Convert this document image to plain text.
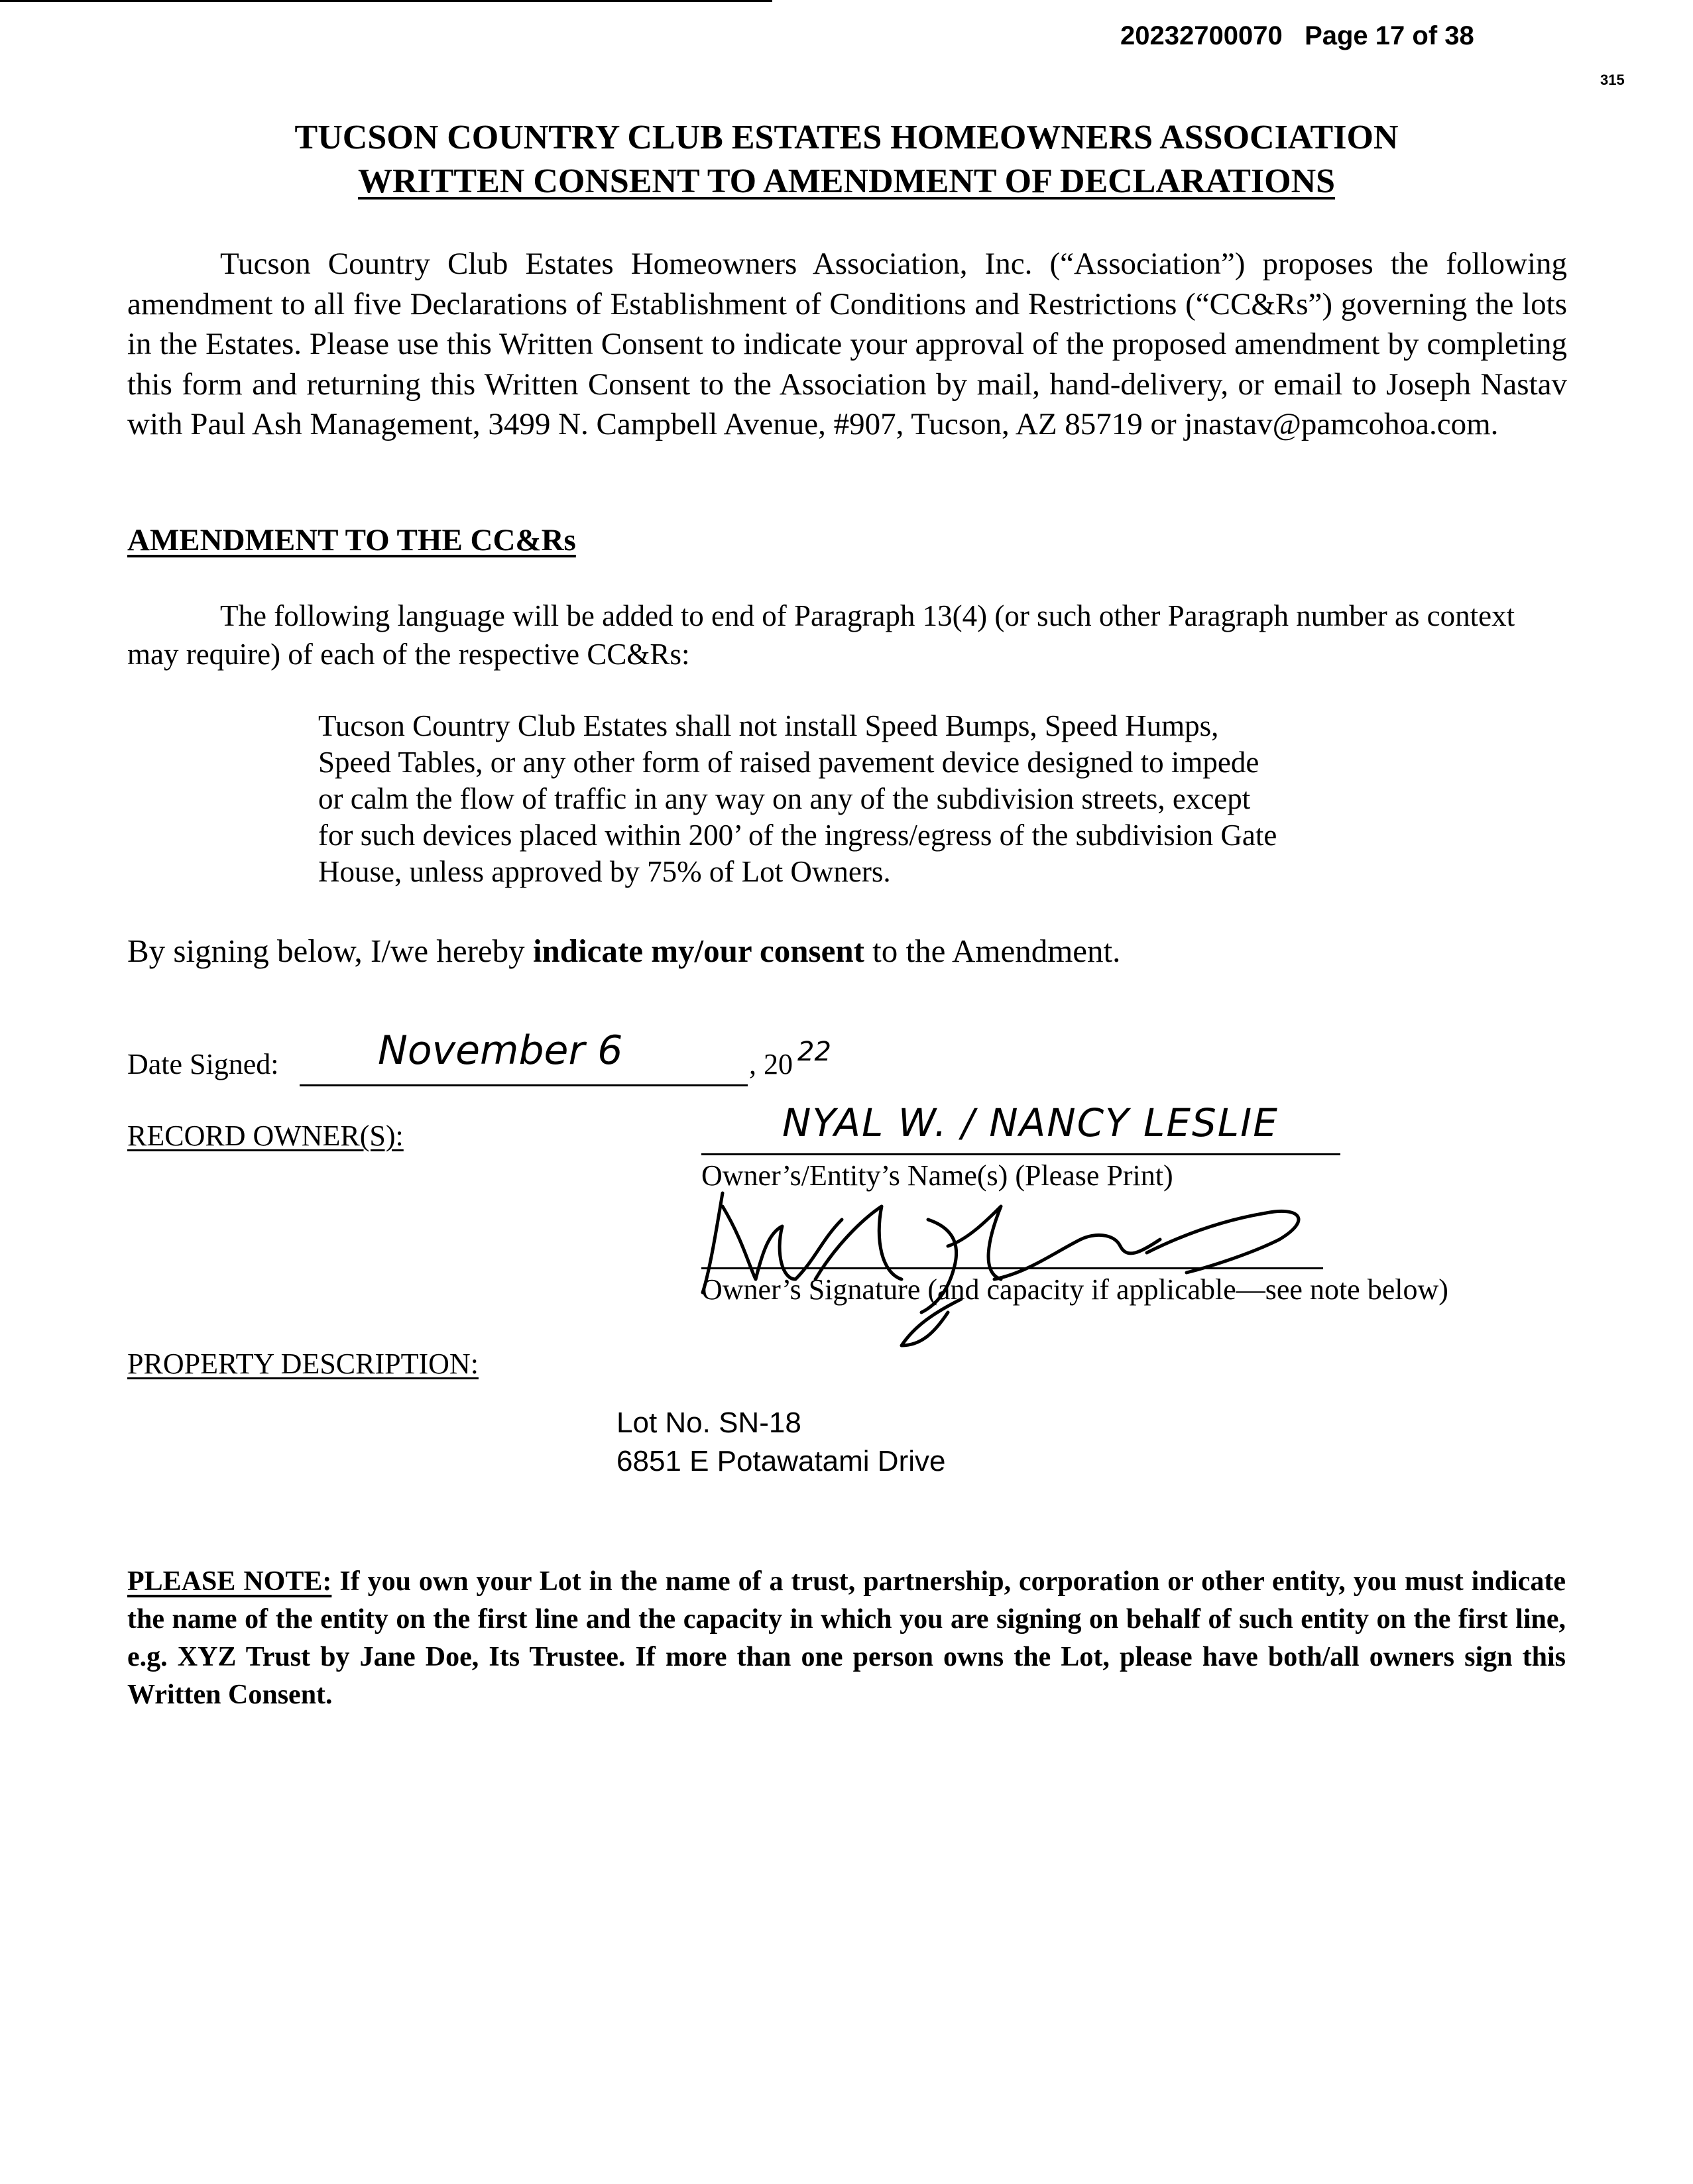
20232700070 Page 17 of 38
315
TUCSON COUNTRY CLUB ESTATES HOMEOWNERS ASSOCIATION
WRITTEN CONSENT TO AMENDMENT OF DECLARATIONS
Tucson Country Club Estates Homeowners Association, Inc. (“Association”) proposes the following amendment to all five Declarations of Establishment of Conditions and Restrictions (“CC&Rs”) governing the lots in the Estates. Please use this Written Consent to indicate your approval of the proposed amendment by completing this form and returning this Written Consent to the Association by mail, hand-delivery, or email to Joseph Nastav with Paul Ash Management, 3499 N. Campbell Avenue, #907, Tucson, AZ 85719 or jnastav@pamcohoa.com.
AMENDMENT TO THE CC&Rs
The following language will be added to end of Paragraph 13(4) (or such other Paragraph number as context may require) of each of the respective CC&Rs:
Tucson Country Club Estates shall not install Speed Bumps, Speed Humps, Speed Tables, or any other form of raised pavement device designed to impede or calm the flow of traffic in any way on any of the subdivision streets, except for such devices placed within 200’ of the ingress/egress of the subdivision Gate House, unless approved by 75% of Lot Owners.
By signing below, I/we hereby indicate my/our consent to the Amendment.
Date Signed: November 6	, 20 22
RECORD OWNER(S):	NYAL W. / NANCY LESLIE
Owner’s/Entity’s Name(s) (Please Print)
Owner’s Signature (and capacity if applicable—see note below)
PROPERTY DESCRIPTION:
Lot No. SN-18
6851 E Potawatami Drive
PLEASE NOTE: If you own your Lot in the name of a trust, partnership, corporation or other entity, you must indicate the name of the entity on the first line and the capacity in which you are signing on behalf of such entity on the first line, e.g. XYZ Trust by Jane Doe, Its Trustee. If more than one person owns the Lot, please have both/all owners sign this Written Consent.
